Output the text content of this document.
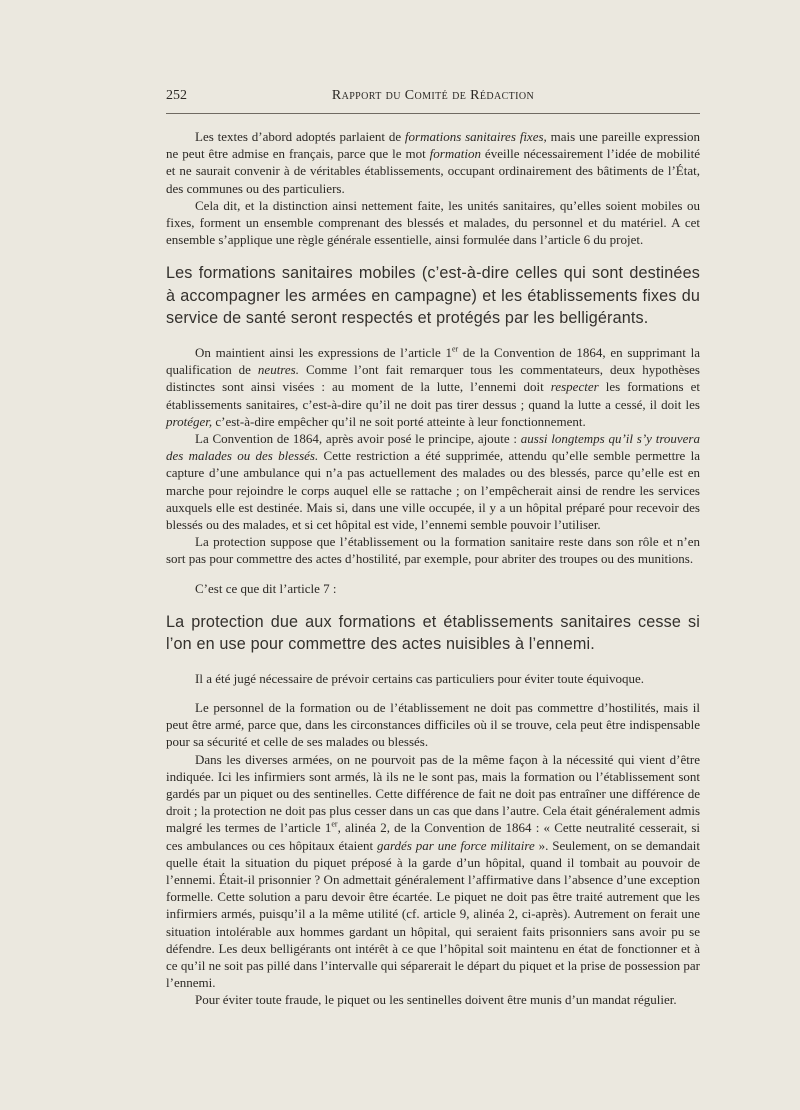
252	Rapport du Comité de Rédaction

Les textes d’abord adoptés parlaient de formations sanitaires fixes, mais une pareille expression ne peut être admise en français, parce que le mot formation éveille nécessairement l’idée de mobilité et ne saurait convenir à de véritables établissements, occupant ordinairement des bâtiments de l’État, des communes ou des particuliers.

Cela dit, et la distinction ainsi nettement faite, les unités sanitaires, qu’elles soient mobiles ou fixes, forment un ensemble comprenant des blessés et malades, du personnel et du matériel. A cet ensemble s’applique une règle générale essentielle, ainsi formulée dans l’article 6 du projet.

Les formations sanitaires mobiles (c’est-à-dire celles qui sont destinées à accompagner les armées en campagne) et les établissements fixes du service de santé seront respectés et protégés par les belligérants.

On maintient ainsi les expressions de l’article 1er de la Convention de 1864, en supprimant la qualification de neutres. Comme l’ont fait remarquer tous les commentateurs, deux hypothèses distinctes sont ainsi visées : au moment de la lutte, l’ennemi doit respecter les formations et établissements sanitaires, c’est-à-dire qu’il ne doit pas tirer dessus ; quand la lutte a cessé, il doit les protéger, c’est-à-dire empêcher qu’il ne soit porté atteinte à leur fonctionnement.

La Convention de 1864, après avoir posé le principe, ajoute : aussi longtemps qu’il s’y trouvera des malades ou des blessés. Cette restriction a été supprimée, attendu qu’elle semble permettre la capture d’une ambulance qui n’a pas actuellement des malades ou des blessés, parce qu’elle est en marche pour rejoindre le corps auquel elle se rattache ; on l’empêcherait ainsi de rendre les services auxquels elle est destinée. Mais si, dans une ville occupée, il y a un hôpital préparé pour recevoir des blessés ou des malades, et si cet hôpital est vide, l’ennemi semble pouvoir l’utiliser.

La protection suppose que l’établissement ou la formation sanitaire reste dans son rôle et n’en sort pas pour commettre des actes d’hostilité, par exemple, pour abriter des troupes ou des munitions.

C’est ce que dit l’article 7 :

La protection due aux formations et établissements sanitaires cesse si l’on en use pour commettre des actes nuisibles à l’ennemi.

Il a été jugé nécessaire de prévoir certains cas particuliers pour éviter toute équivoque.

Le personnel de la formation ou de l’établissement ne doit pas commettre d’hostilités, mais il peut être armé, parce que, dans les circonstances difficiles où il se trouve, cela peut être indispensable pour sa sécurité et celle de ses malades ou blessés.

Dans les diverses armées, on ne pourvoit pas de la même façon à la nécessité qui vient d’être indiquée. Ici les infirmiers sont armés, là ils ne le sont pas, mais la formation ou l’établissement sont gardés par un piquet ou des sentinelles. Cette différence de fait ne doit pas entraîner une différence de droit ; la protection ne doit pas plus cesser dans un cas que dans l’autre. Cela était généralement admis malgré les termes de l’article 1er, alinéa 2, de la Convention de 1864 : « Cette neutralité cesserait, si ces ambulances ou ces hôpitaux étaient gardés par une force militaire ». Seulement, on se demandait quelle était la situation du piquet préposé à la garde d’un hôpital, quand il tombait au pouvoir de l’ennemi. Était-il prisonnier ? On admettait généralement l’affirmative dans l’absence d’une exception formelle. Cette solution a paru devoir être écartée. Le piquet ne doit pas être traité autrement que les infirmiers armés, puisqu’il a la même utilité (cf. article 9, alinéa 2, ci-après). Autrement on ferait une situation intolérable aux hommes gardant un hôpital, qui seraient faits prisonniers sans avoir pu se défendre. Les deux belligérants ont intérêt à ce que l’hôpital soit maintenu en état de fonctionner et à ce qu’il ne soit pas pillé dans l’intervalle qui séparerait le départ du piquet et la prise de possession par l’ennemi.

Pour éviter toute fraude, le piquet ou les sentinelles doivent être munis d’un mandat régulier.
